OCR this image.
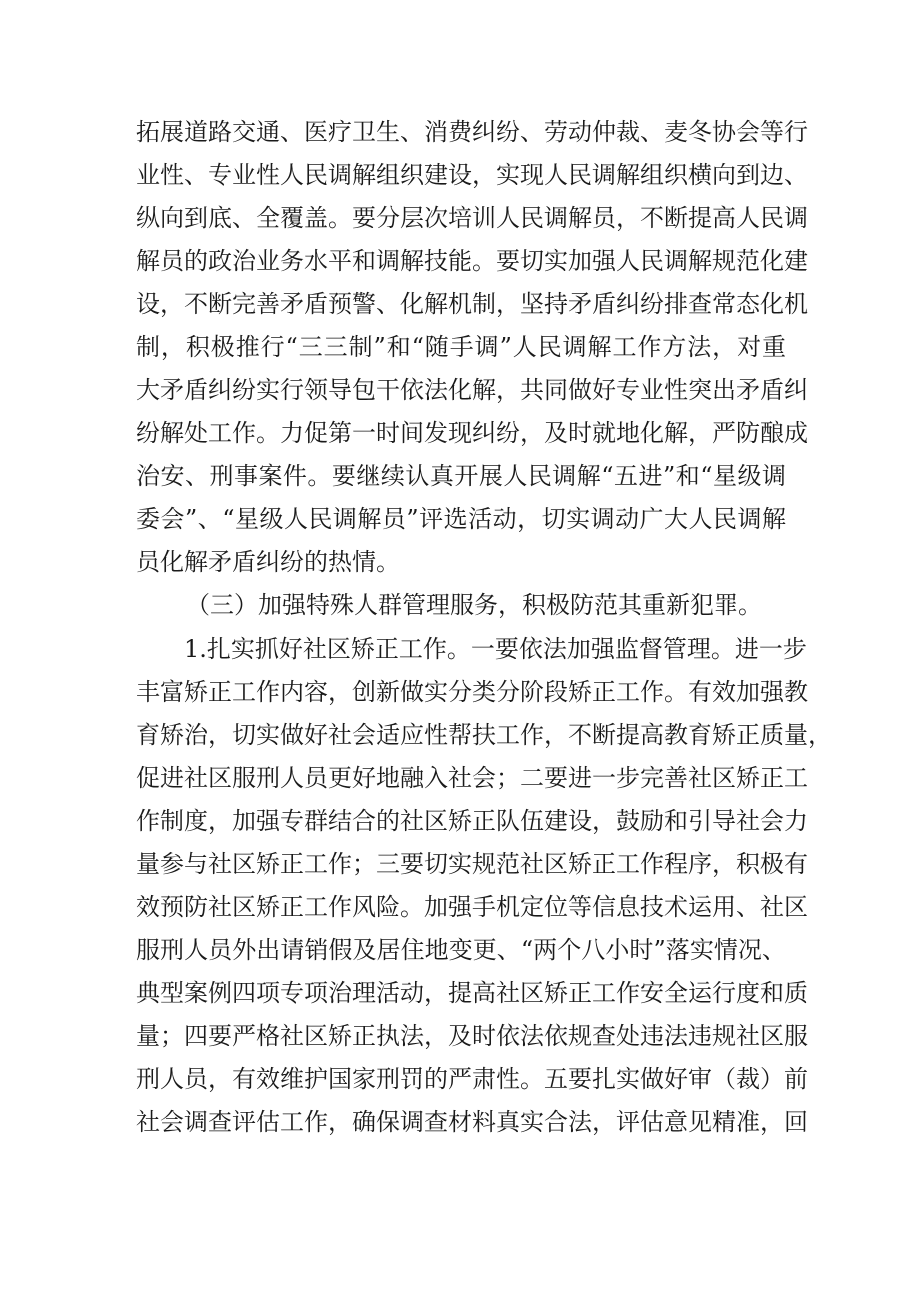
拓展道路交通、医疗卫生、消费纠纷、劳动仲裁、麦冬协会等行
业性、专业性人民调解组织建设，实现人民调解组织横向到边、
纵向到底、全覆盖。要分层次培训人民调解员，不断提高人民调
解员的政治业务水平和调解技能。要切实加强人民调解规范化建
设，不断完善矛盾预警、化解机制，坚持矛盾纠纷排查常态化机
制，积极推行“三三制”和“随手调”人民调解工作方法，对重
大矛盾纠纷实行领导包干依法化解，共同做好专业性突出矛盾纠
纷解处工作。力促第一时间发现纠纷，及时就地化解，严防酿成
治安、刑事案件。要继续认真开展人民调解“五进”和“星级调
委会”、“星级人民调解员”评选活动，切实调动广大人民调解
员化解矛盾纠纷的热情。
（三）加强特殊人群管理服务，积极防范其重新犯罪。
1.扎实抓好社区矫正工作。一要依法加强监督管理。进一步
丰富矫正工作内容，创新做实分类分阶段矫正工作。有效加强教
育矫治，切实做好社会适应性帮扶工作，不断提高教育矫正质量，
促进社区服刑人员更好地融入社会；二要进一步完善社区矫正工
作制度，加强专群结合的社区矫正队伍建设，鼓励和引导社会力
量参与社区矫正工作；三要切实规范社区矫正工作程序，积极有
效预防社区矫正工作风险。加强手机定位等信息技术运用、社区
服刑人员外出请销假及居住地变更、“两个八小时”落实情况、
典型案例四项专项治理活动，提高社区矫正工作安全运行度和质
量；四要严格社区矫正执法，及时依法依规查处违法违规社区服
刑人员，有效维护国家刑罚的严肃性。五要扎实做好审（裁）前
社会调查评估工作，确保调查材料真实合法，评估意见精准，回
